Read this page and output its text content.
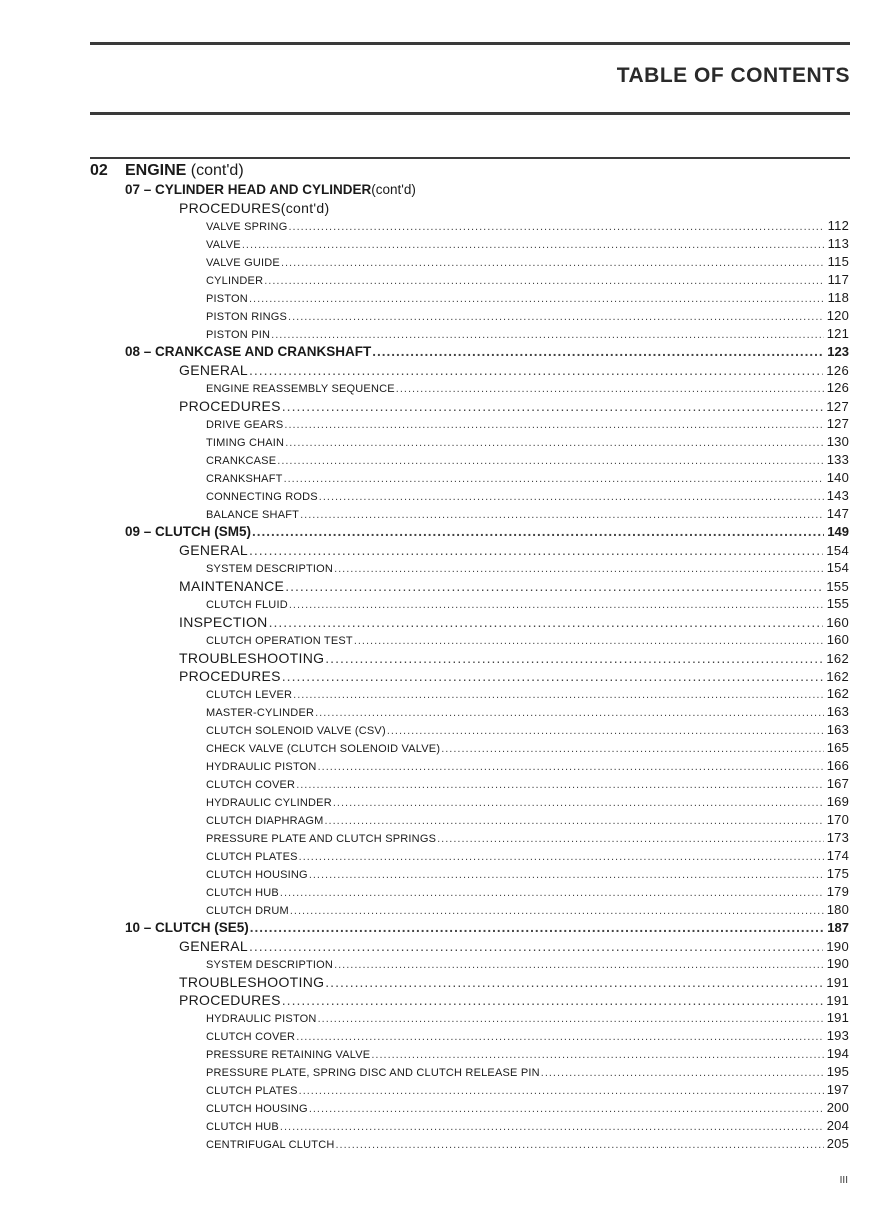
TABLE OF CONTENTS
02 ENGINE (cont'd)
07 – CYLINDER HEAD AND CYLINDER (cont'd)
PROCEDURES (cont'd)
VALVE SPRING .....	112
VALVE .....	113
VALVE GUIDE .....	115
CYLINDER .....	117
PISTON .....	118
PISTON RINGS .....	120
PISTON PIN .....	121
08 – CRANKCASE AND CRANKSHAFT .....	123
GENERAL .....	126
ENGINE REASSEMBLY SEQUENCE .....	126
PROCEDURES .....	127
DRIVE GEARS .....	127
TIMING CHAIN .....	130
CRANKCASE .....	133
CRANKSHAFT .....	140
CONNECTING RODS .....	143
BALANCE SHAFT .....	147
09 – CLUTCH (SM5) .....	149
GENERAL .....	154
SYSTEM DESCRIPTION .....	154
MAINTENANCE .....	155
CLUTCH FLUID .....	155
INSPECTION .....	160
CLUTCH OPERATION TEST .....	160
TROUBLESHOOTING .....	162
PROCEDURES .....	162
CLUTCH LEVER .....	162
MASTER-CYLINDER .....	163
CLUTCH SOLENOID VALVE (CSV) .....	163
CHECK VALVE (CLUTCH SOLENOID VALVE) .....	165
HYDRAULIC PISTON .....	166
CLUTCH COVER .....	167
HYDRAULIC CYLINDER .....	169
CLUTCH DIAPHRAGM .....	170
PRESSURE PLATE AND CLUTCH SPRINGS .....	173
CLUTCH PLATES .....	174
CLUTCH HOUSING .....	175
CLUTCH HUB .....	179
CLUTCH DRUM .....	180
10 – CLUTCH (SE5) .....	187
GENERAL .....	190
SYSTEM DESCRIPTION .....	190
TROUBLESHOOTING .....	191
PROCEDURES .....	191
HYDRAULIC PISTON .....	191
CLUTCH COVER .....	193
PRESSURE RETAINING VALVE .....	194
PRESSURE PLATE, SPRING DISC AND CLUTCH RELEASE PIN .....	195
CLUTCH PLATES .....	197
CLUTCH HOUSING .....	200
CLUTCH HUB .....	204
CENTRIFUGAL CLUTCH .....	205
III
